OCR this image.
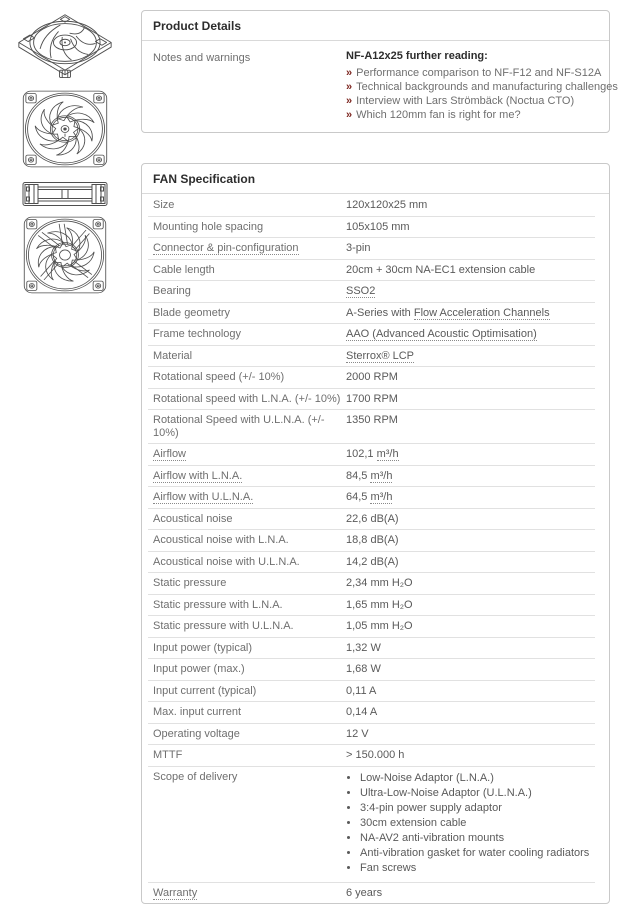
Product Details
Notes and warnings	NF-A12x25 further reading:
» Performance comparison to NF-F12 and NF-S12A
» Technical backgrounds and manufacturing challenges
» Interview with Lars Strömbäck (Noctua CTO)
» Which 120mm fan is right for me?
FAN Specification
Size	120x120x25 mm
Mounting hole spacing	105x105 mm
Connector & pin-configuration	3-pin
Cable length	20cm + 30cm NA-EC1 extension cable
Bearing	SSO2
Blade geometry	A-Series with Flow Acceleration Channels
Frame technology	AAO (Advanced Acoustic Optimisation)
Material	Sterrox® LCP
Rotational speed (+/- 10%)	2000 RPM
Rotational speed with L.N.A. (+/- 10%) 1700 RPM
Rotational Speed with U.L.N.A. (+/- 10%)
1350 RPM
Airflow	102,1 m³/h
Airflow with L.N.A.	84,5 m³/h
Airflow with U.L.N.A.	64,5 m³/h
Acoustical noise	22,6 dB(A)
Acoustical noise with L.N.A.	18,8 dB(A)
Acoustical noise with U.L.N.A.	14,2 dB(A)
Static pressure	2,34 mm H₂O
Static pressure with L.N.A.	1,65 mm H₂O
Static pressure with U.L.N.A.	1,05 mm H₂O
Input power (typical)	1,32 W
Input power (max.)	1,68 W
Input current (typical)	0,11 A
Max. input current	0,14 A
Operating voltage	12 V
MTTF	> 150.000 h
Scope of delivery	• Low-Noise Adaptor (L.N.A.)
• Ultra-Low-Noise Adaptor (U.L.N.A.)
• 3:4-pin power supply adaptor
• 30cm extension cable
• NA-AV2 anti-vibration mounts
• Anti-vibration gasket for water cooling radiators
• Fan screws
Warranty	6 years
